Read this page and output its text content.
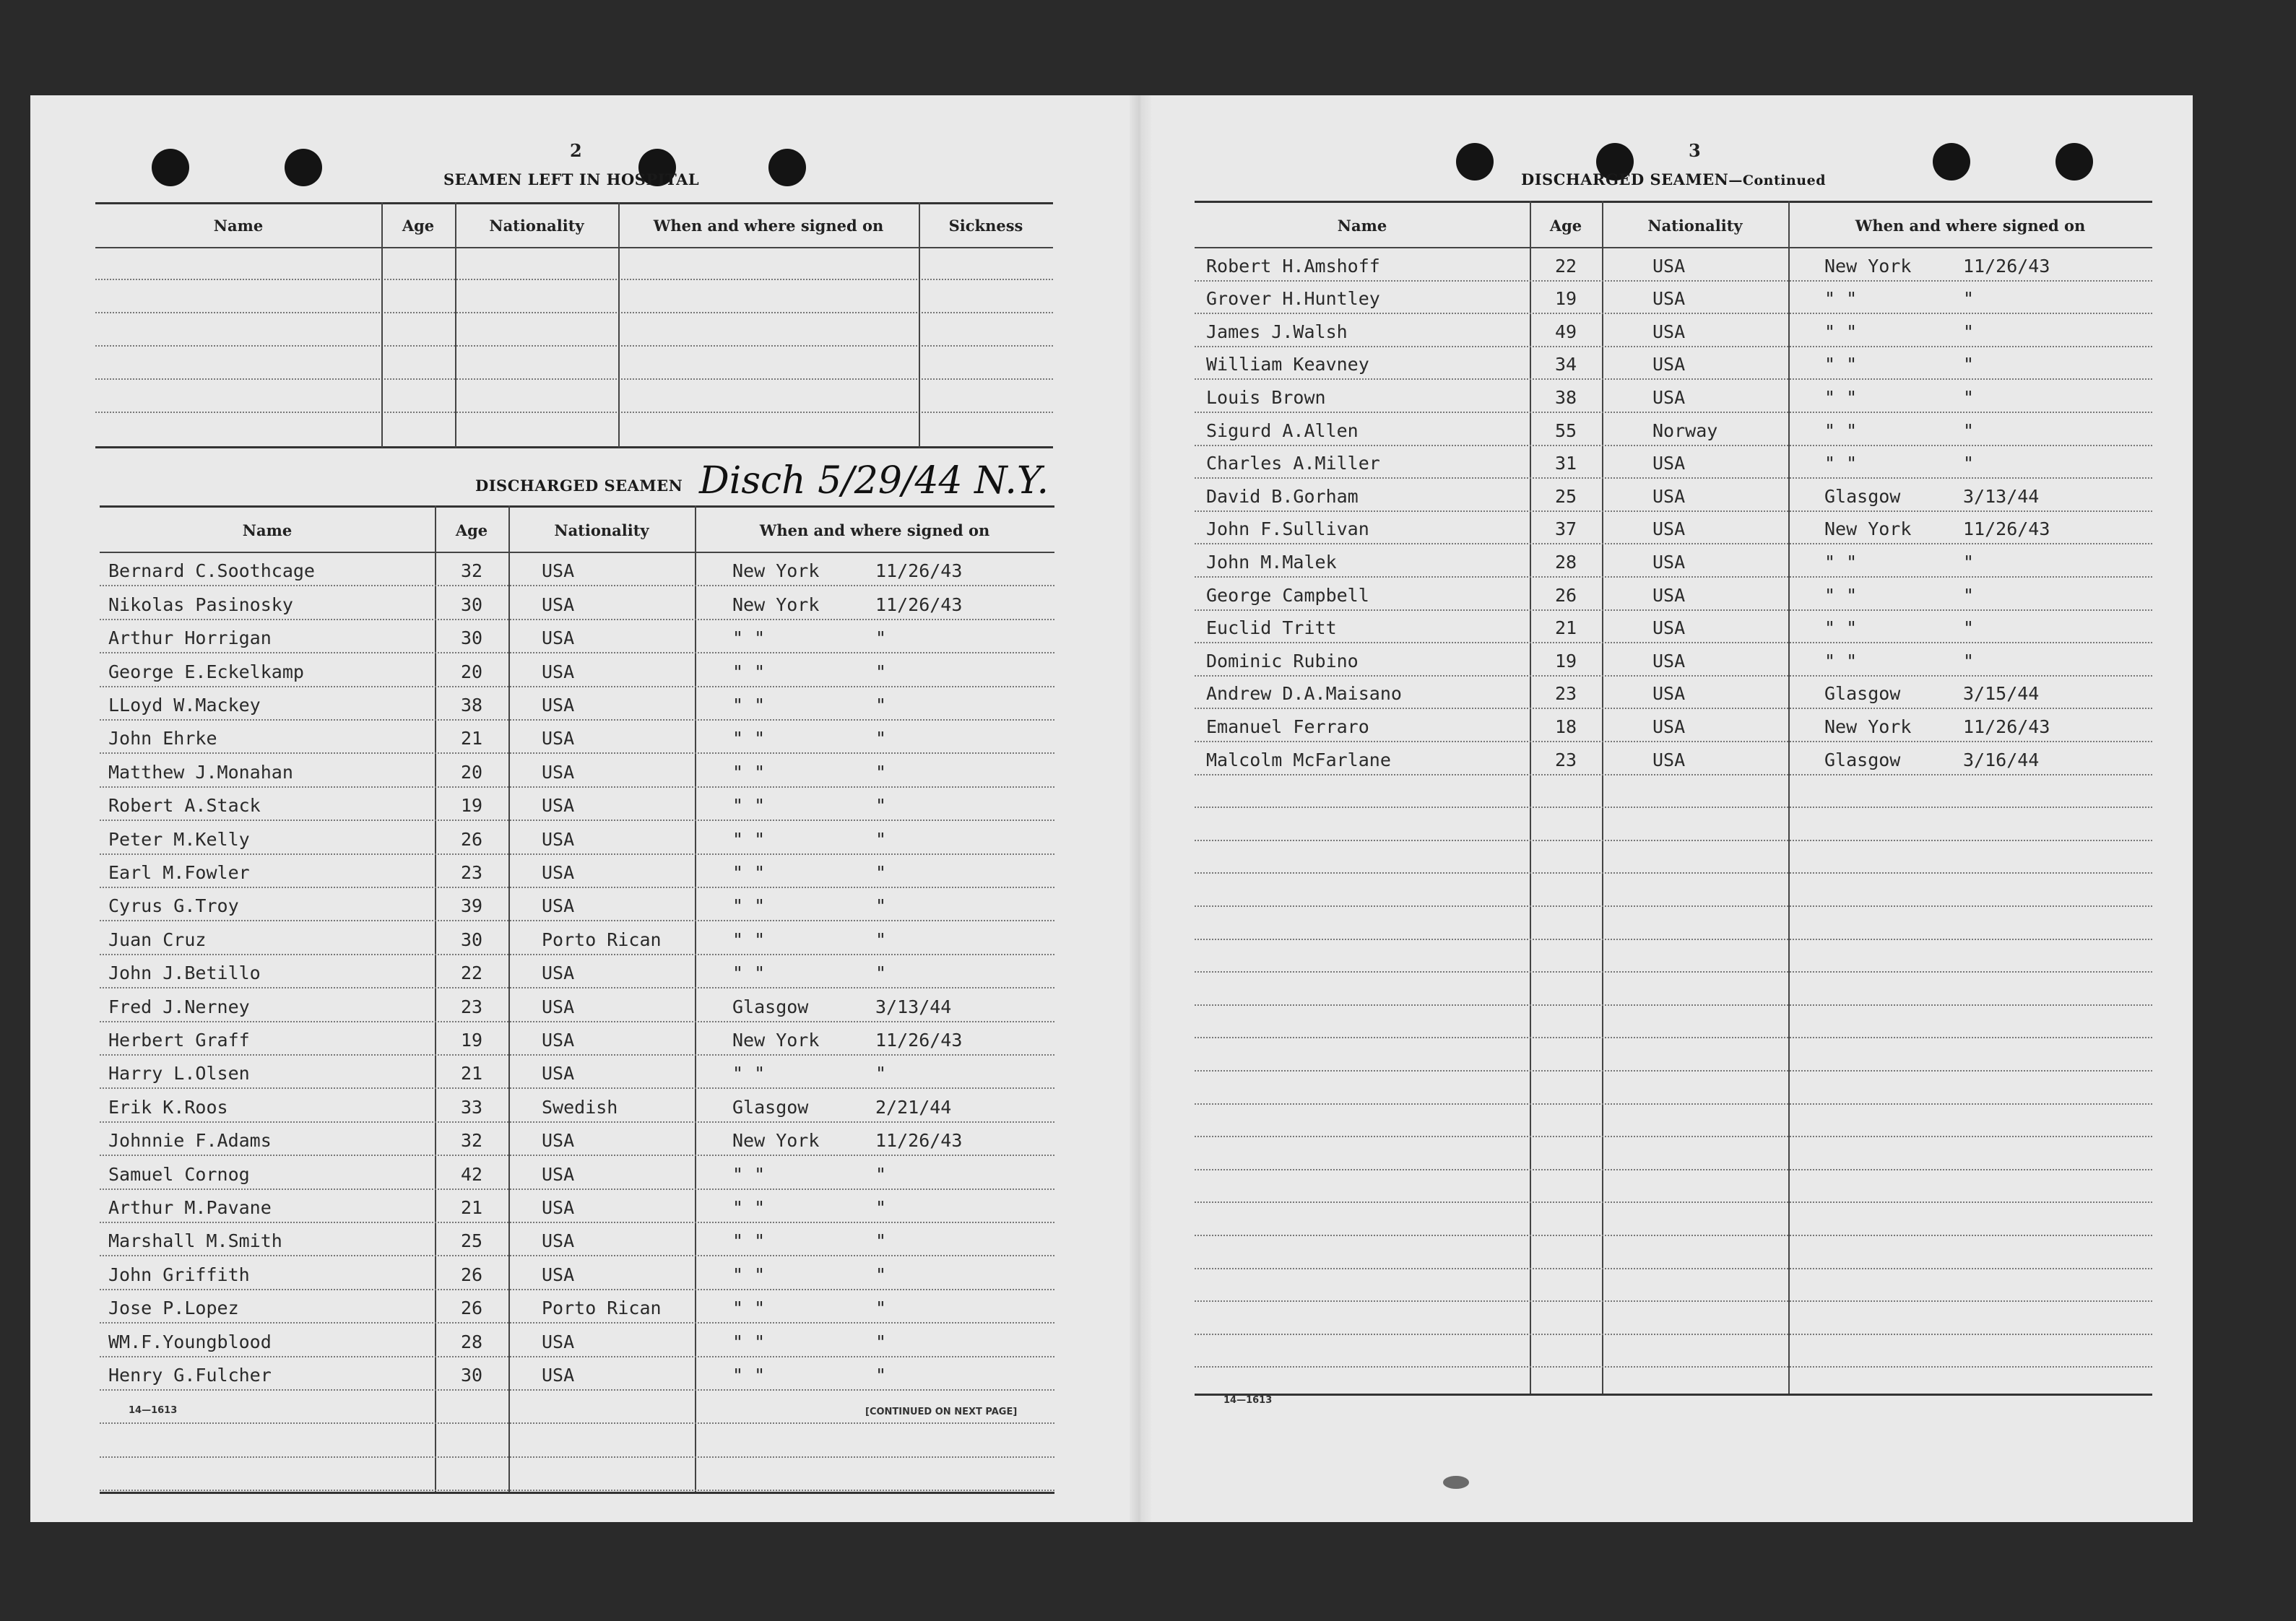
2
SEAMEN LEFT IN HOSPITAL
Name	Age	Nationality	When and where signed on	Sickness
DISCHARGED SEAMEN Disch 5/29/44 N.Y.
Name	Age	Nationality	When and where signed on
Bernard C.Soothcage	32	USA	New York	11/26/43
Nikolas Pasinosky	30	USA	New York	11/26/43
Arthur Horrigan	30	USA	" "	"
George E.Eckelkamp	20	USA	" "	"
LLoyd W.Mackey	38	USA	" "	"
John Ehrke	21	USA	" "	"
Matthew J.Monahan	20	USA	" "	"
Robert A.Stack	19	USA	" "	"
Peter M.Kelly	26	USA	" "	"
Earl M.Fowler	23	USA	" "	"
Cyrus G.Troy	39	USA	" "	"
Juan Cruz	30	Porto Rican	" "	"
John J.Betillo	22	USA	" "	"
Fred J.Nerney	23	USA	Glasgow	3/13/44
Herbert Graff	19	USA	New York	11/26/43
Harry L.Olsen	21	USA	" "	"
Erik K.Roos	33	Swedish	Glasgow	2/21/44
Johnnie F.Adams	32	USA	New York	11/26/43
Samuel Cornog	42	USA	" "	"
Arthur M.Pavane	21	USA	" "	"
Marshall M.Smith	25	USA	" "	"
John Griffith	26	USA	" "	"
Jose P.Lopez	26	Porto Rican	" "	"
WM.F.Youngblood	28	USA	" "	"
Henry G.Fulcher	30	USA	" "	"
14—1613	[CONTINUED ON NEXT PAGE]
3
DISCHARGED SEAMEN—Continued
Name	Age	Nationality	When and where signed on
Robert H.Amshoff	22	USA	New York	11/26/43
Grover H.Huntley	19	USA	" "	"
James J.Walsh	49	USA	" "	"
William Keavney	34	USA	" "	"
Louis Brown	38	USA	" "	"
Sigurd A.Allen	55	Norway	" "	"
Charles A.Miller	31	USA	" "	"
David B.Gorham	25	USA	Glasgow	3/13/44
John F.Sullivan	37	USA	New York	11/26/43
John M.Malek	28	USA	" "	"
George Campbell	26	USA	" "	"
Euclid Tritt	21	USA	" "	"
Dominic Rubino	19	USA	" "	"
Andrew D.A.Maisano	23	USA	Glasgow	3/15/44
Emanuel Ferraro	18	USA	New York	11/26/43
Malcolm McFarlane	23	USA	Glasgow	3/16/44
14—1613
